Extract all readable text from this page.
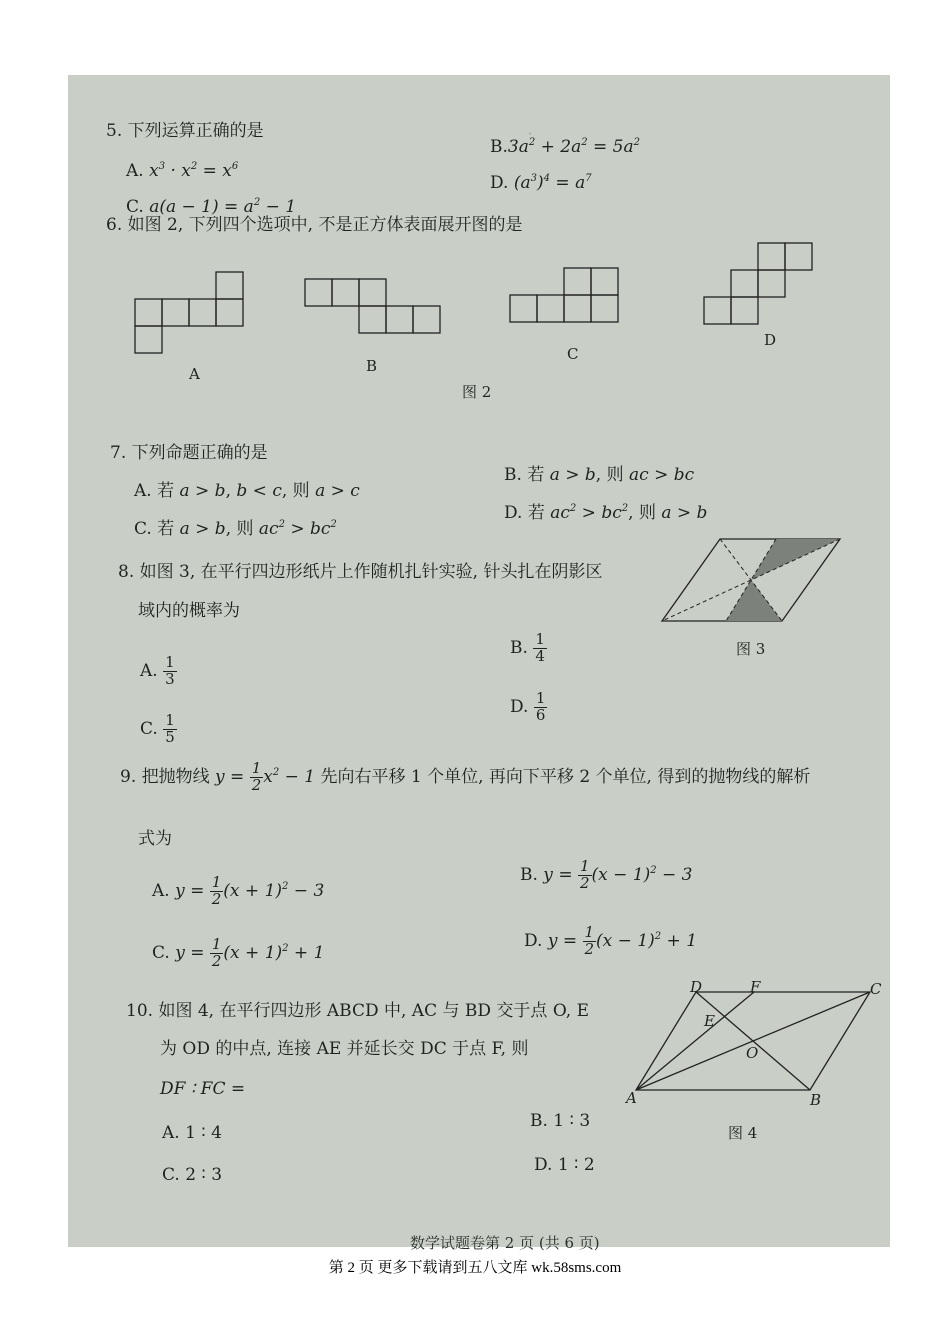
·
5. 下列运算正确的是
A. $x^3 \cdot x^2 = x^6$
$B.3a^2 + 2a^2 = 5a^2$
C. $a(a - 1) = a^2 - 1$
D. $(a^3)^4 = a^7$
6. 如图 2, 下列四个选项中, 不是正方体表面展开图的是
A	B
C
D
图 2
7. 下列命题正确的是
A. 若 a > b, b < c, 则 a > c
B. 若 a > b, 则 ac > bc
C. 若 a > b, 则 $ac^2 > bc^2$
D. 若 $ac^2 > bc^2$, 则 a > b
8. 如图 3, 在平行四边形纸片上作随机扎针实验, 针头扎在阴影区
域内的概率为
图 3
A. $\frac{1}{3}$
B. $\frac{1}{4}$
C. $\frac{1}{5}$
D. $\frac{1}{6}$
9. 把抛物线 $y = \frac{1}{2} x^2 - 1$ 先向右平移 1 个单位, 再向下平移 2 个单位, 得到的抛物线的解析
式为
A. $y = \frac{1}{2} (x + 1)^2 - 3$
B. $y = \frac{1}{2} (x - 1)^2 - 3$
C. $y = \frac{1}{2} (x + 1)^2 + 1$
D. $y = \frac{1}{2} (x - 1)^2 + 1$
10. 如图 4, 在平行四边形 ABCD 中, AC 与 BD 交于点 O, E
为 OD 的中点, 连接 AE 并延长交 DC 于点 F, 则
DF ∶ FC =
A. 1 ∶ 4
B. 1 ∶ 3
C. 2 ∶ 3	D. 1 ∶ 2
D	F	C
E
O
A	B
图 4
数学试题卷第 2 页 (共 6 页)
第 2 页 更多下载请到五八文库 wk.58sms.com
